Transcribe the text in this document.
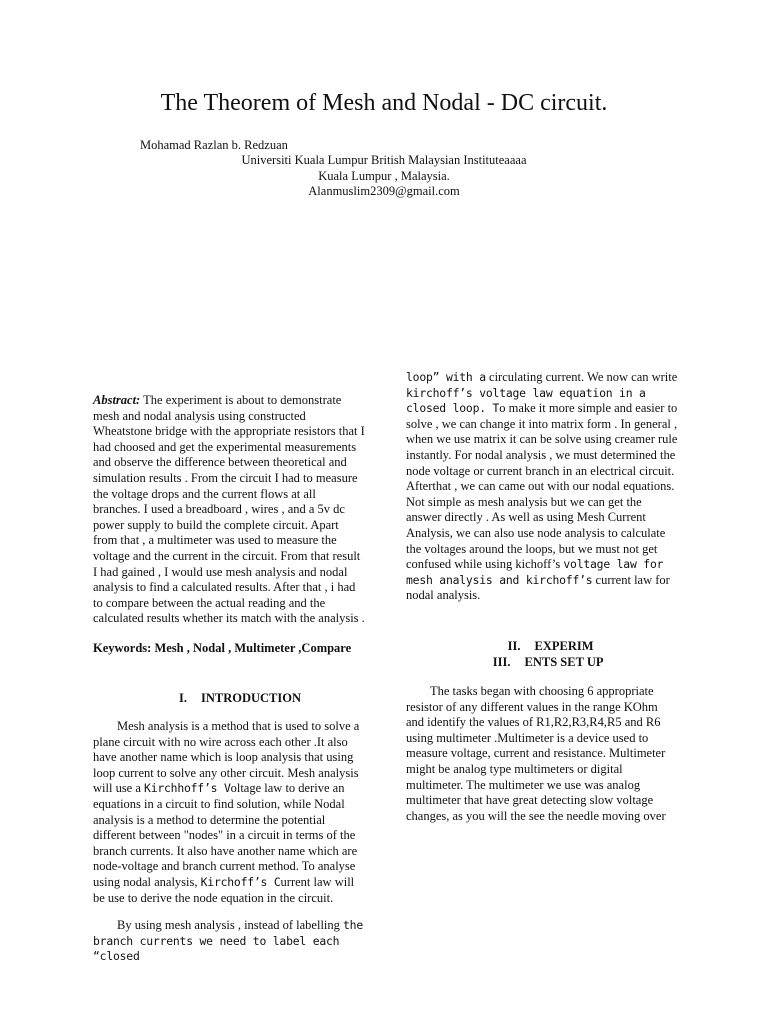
The Theorem of Mesh and Nodal - DC circuit.
Mohamad Razlan b. Redzuan
Universiti Kuala Lumpur British Malaysian Instituteaaaa
Kuala Lumpur , Malaysia.
Alanmuslim2309@gmail.com

Abstract: The experiment is about to demonstrate mesh and nodal analysis using constructed Wheatstone bridge with the appropriate resistors that I had choosed and get the experimental measurements and observe the difference between theoretical and simulation results . From the circuit I had to measure the voltage drops and the current flows at all branches. I used a breadboard , wires , and a 5v dc power supply to build the complete circuit. Apart from that , a multimeter was used to measure the voltage and the current in the circuit. From that result I had gained , I would use mesh analysis and nodal analysis to find a calculated results. After that , i had to compare between the actual reading and the calculated results whether its match with the analysis .

Keywords: Mesh , Nodal , Multimeter ,Compare

I. INTRODUCTION

Mesh analysis is a method that is used to solve a plane circuit with no wire across each other .It also have another name which is loop analysis that using loop current to solve any other circuit. Mesh analysis will use a Kirchhoff’s Voltage law to derive an equations in a circuit to find solution, while Nodal analysis is a method to determine the potential different between "nodes" in a circuit in terms of the branch currents. It also have another name which are node-voltage and branch current method. To analyse using nodal analysis, Kirchoff’s Current law will be use to derive the node equation in the circuit.

By using mesh analysis , instead of labelling the branch currents we need to label each “closed

loop” with a circulating current. We now can write kirchoff’s voltage law equation in a closed loop. To make it more simple and easier to solve , we can change it into matrix form . In general , when we use matrix it can be solve using creamer rule instantly. For nodal analysis , we must determined the node voltage or current branch in an electrical circuit. Afterthat , we can came out with our nodal equations. Not simple as mesh analysis but we can get the answer directly . As well as using Mesh Current Analysis, we can also use node analysis to calculate the voltages around the loops, but we must not get confused while using kichoff’s voltage law for mesh analysis and kirchoff’s current law for nodal analysis.

II. EXPERIM

III. ENTS SET UP

The tasks began with choosing 6 appropriate resistor of any different values in the range KOhm and identify the values of R1,R2,R3,R4,R5 and R6 using multimeter .Multimeter is a device used to measure voltage, current and resistance. Multimeter might be analog type multimeters or digital multimeter. The multimeter we use was analog multimeter that have great detecting slow voltage changes, as you will the see the needle moving over
